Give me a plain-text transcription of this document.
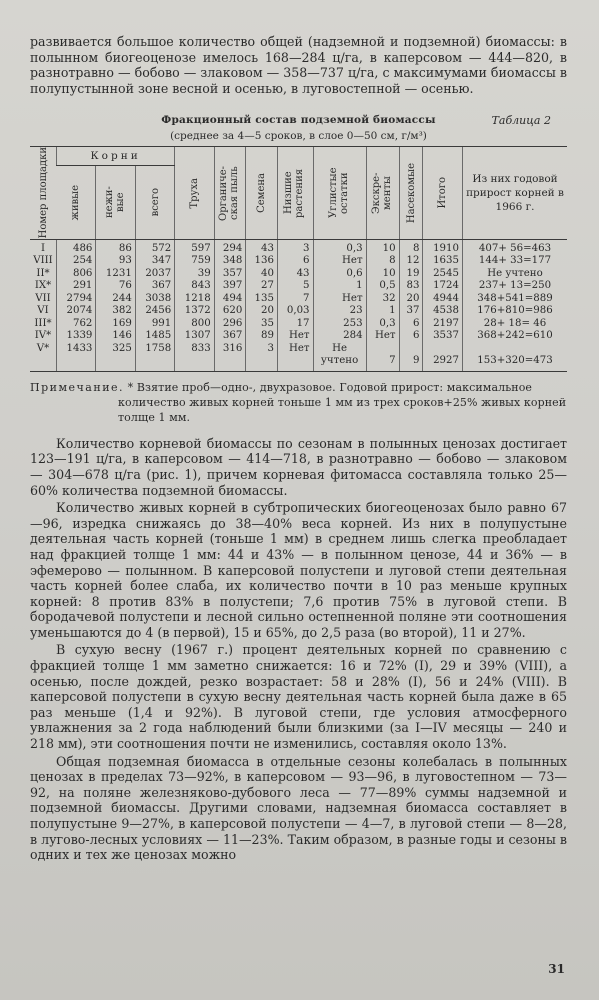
развивается большое количество общей (надземной и подземной) биомассы: в полынном биогеоценозе имелось 168—284 ц/га, в каперсовом — 444—820, в разнотравно — бобово — злаковом — 358—737 ц/га, с максимумами биомассы в полупустынной зоне весной и осенью, в луговостепной — осенью.

Фракционный состав подземной биомассы	Таблица 2
(среднее за 4—5 сроков, в слое 0—50 см, г/м³)
Номер площадки	Корни			Труха	Органиче-ская пыль	Семена	Низшие растения	Углистые остатки	Экскре-менты	Насекомые	Итого	Из них годовой прирост корней в 1966 г.

	живые	нежи-вые	всего									

I	486	86	572	597	294	43	3	0,3	10	8	1910	407+ 56=463
VIII	254	93	347	759	348	136	6	Нет	8	12	1635	144+ 33=177
II*	806	1231	2037	39	357	40	43	0,6	10	19	2545	Не учтено
IX*	291	76	367	843	397	27	5	1	0,5	83	1724	237+ 13=250
VII	2794	244	3038	1218	494	135	7	Нет	32	20	4944	348+541=889
VI	2074	382	2456	1372	620	20	0,03	23	1	37	4538	176+810=986
III*	762	169	991	800	296	35	17	253	0,3	6	2197	28+ 18= 46
IV*	1339	146	1485	1307	367	89	Нет	284	Нет	6	3537	368+242=610
V*	1433	325	1758	833	316	3	Нет	Не				
								учтено	7	9	2927	153+320=473

Примечание. * Взятие проб—одно-, двухразовое. Годовой прирост: максимальное количество живых корней тоньше 1 мм из трех сроков+25% живых корней толще 1 мм.

Количество корневой биомассы по сезонам в полынных ценозах достигает 123—191 ц/га, в каперсовом — 414—718, в разнотравно — бобово — злаковом — 304—678 ц/га (рис. 1), причем корневая фитомасса составляла только 25—60% количества подземной биомассы.

Количество живых корней в субтропических биогеоценозах было равно 67—96, изредка снижаясь до 38—40% веса корней. Из них в полупустыне деятельная часть корней (тоньше 1 мм) в среднем лишь слегка преобладает над фракцией толще 1 мм: 44 и 43% — в полынном ценозе, 44 и 36% — в эфемерово — полынном. В каперсовой полустепи и луговой степи деятельная часть корней более слабa, их количество почти в 10 раз меньше крупных корней: 8 против 83% в полустепи; 7,6 против 75% в луговой степи. В бородачевой полустепи и лесной сильно остепненной поляне эти соотношения уменьшаются до 4 (в первой), 15 и 65%, до 2,5 раза (во второй), 11 и 27%.

В сухую весну (1967 г.) процент деятельных корней по сравнению с фракцией толще 1 мм заметно снижается: 16 и 72% (I), 29 и 39% (VIII), а осенью, после дождей, резко возрастает: 58 и 28% (I), 56 и 24% (VIII). В каперсовой полустепи в сухую весну деятельная часть корней была даже в 65 раз меньше (1,4 и 92%). В луговой степи, где условия атмосферного увлажнения за 2 года наблюдений были близкими (за I—IV месяцы — 240 и 218 мм), эти соотношения почти не изменились, составляя около 13%.

Общая подземная биомасса в отдельные сезоны колебалась в полынных ценозах в пределах 73—92%, в каперсовом — 93—96, в луговостепном — 73—92, на поляне железняково-дубового леса — 77—89% суммы надземной и подземной биомассы. Другими словами, надземная биомасса составляет в полупустыне 9—27%, в каперсовой полустепи — 4—7, в луговой степи — 8—28, в лугово-лесных условиях — 11—23%. Таким образом, в разные годы и сезоны в одних и тех же ценозах можно

31
